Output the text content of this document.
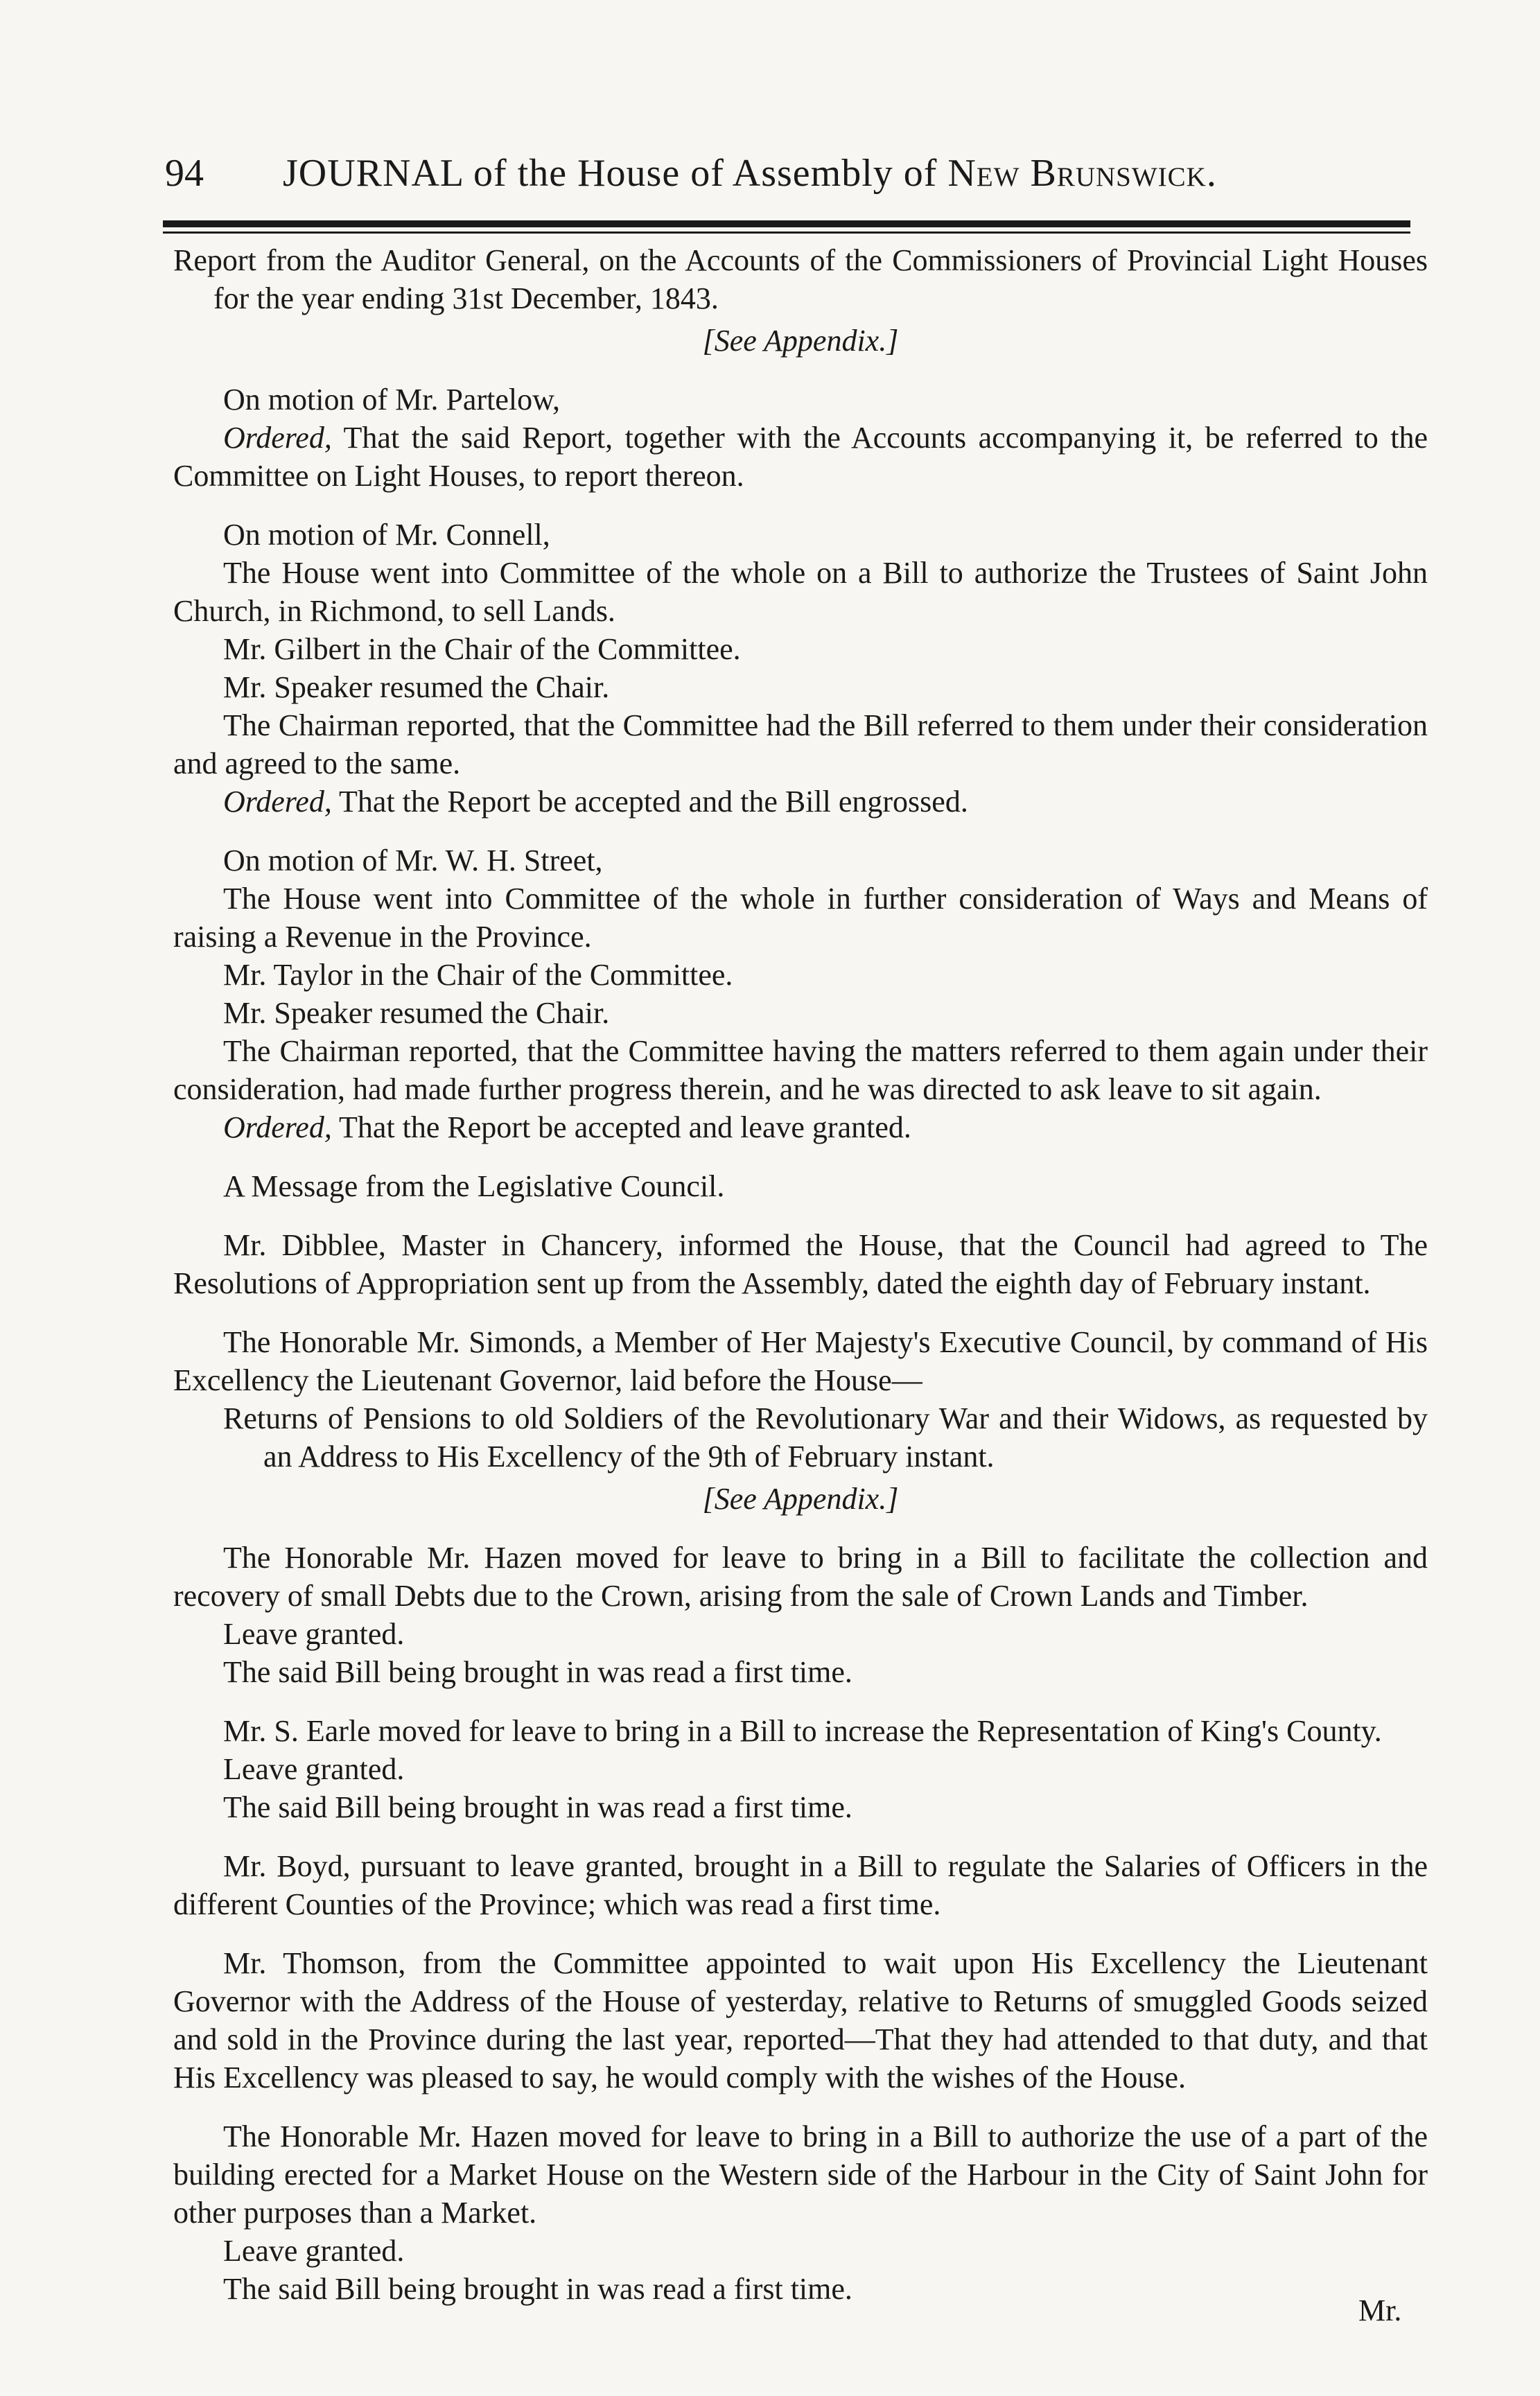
94	JOURNAL of the House of Assembly of New Brunswick.

Report from the Auditor General, on the Accounts of the Commissioners of Provincial Light Houses for the year ending 31st December, 1843.

[See Appendix.]

On motion of Mr. Partelow,

Ordered, That the said Report, together with the Accounts accompanying it, be referred to the Committee on Light Houses, to report thereon.

On motion of Mr. Connell,

The House went into Committee of the whole on a Bill to authorize the Trustees of Saint John Church, in Richmond, to sell Lands.

Mr. Gilbert in the Chair of the Committee.

Mr. Speaker resumed the Chair.

The Chairman reported, that the Committee had the Bill referred to them under their consideration and agreed to the same.

Ordered, That the Report be accepted and the Bill engrossed.

On motion of Mr. W. H. Street,

The House went into Committee of the whole in further consideration of Ways and Means of raising a Revenue in the Province.

Mr. Taylor in the Chair of the Committee.

Mr. Speaker resumed the Chair.

The Chairman reported, that the Committee having the matters referred to them again under their consideration, had made further progress therein, and he was directed to ask leave to sit again.

Ordered, That the Report be accepted and leave granted.

A Message from the Legislative Council.

Mr. Dibblee, Master in Chancery, informed the House, that the Council had agreed to The Resolutions of Appropriation sent up from the Assembly, dated the eighth day of February instant.

The Honorable Mr. Simonds, a Member of Her Majesty's Executive Council, by command of His Excellency the Lieutenant Governor, laid before the House—

Returns of Pensions to old Soldiers of the Revolutionary War and their Widows, as requested by an Address to His Excellency of the 9th of February instant.

[See Appendix.]

The Honorable Mr. Hazen moved for leave to bring in a Bill to facilitate the collection and recovery of small Debts due to the Crown, arising from the sale of Crown Lands and Timber.

Leave granted.

The said Bill being brought in was read a first time.

Mr. S. Earle moved for leave to bring in a Bill to increase the Representation of King's County.

Leave granted.

The said Bill being brought in was read a first time.

Mr. Boyd, pursuant to leave granted, brought in a Bill to regulate the Salaries of Officers in the different Counties of the Province; which was read a first time.

Mr. Thomson, from the Committee appointed to wait upon His Excellency the Lieutenant Governor with the Address of the House of yesterday, relative to Returns of smuggled Goods seized and sold in the Province during the last year, reported—That they had attended to that duty, and that His Excellency was pleased to say, he would comply with the wishes of the House.

The Honorable Mr. Hazen moved for leave to bring in a Bill to authorize the use of a part of the building erected for a Market House on the Western side of the Harbour in the City of Saint John for other purposes than a Market.

Leave granted.

The said Bill being brought in was read a first time.

Mr.
